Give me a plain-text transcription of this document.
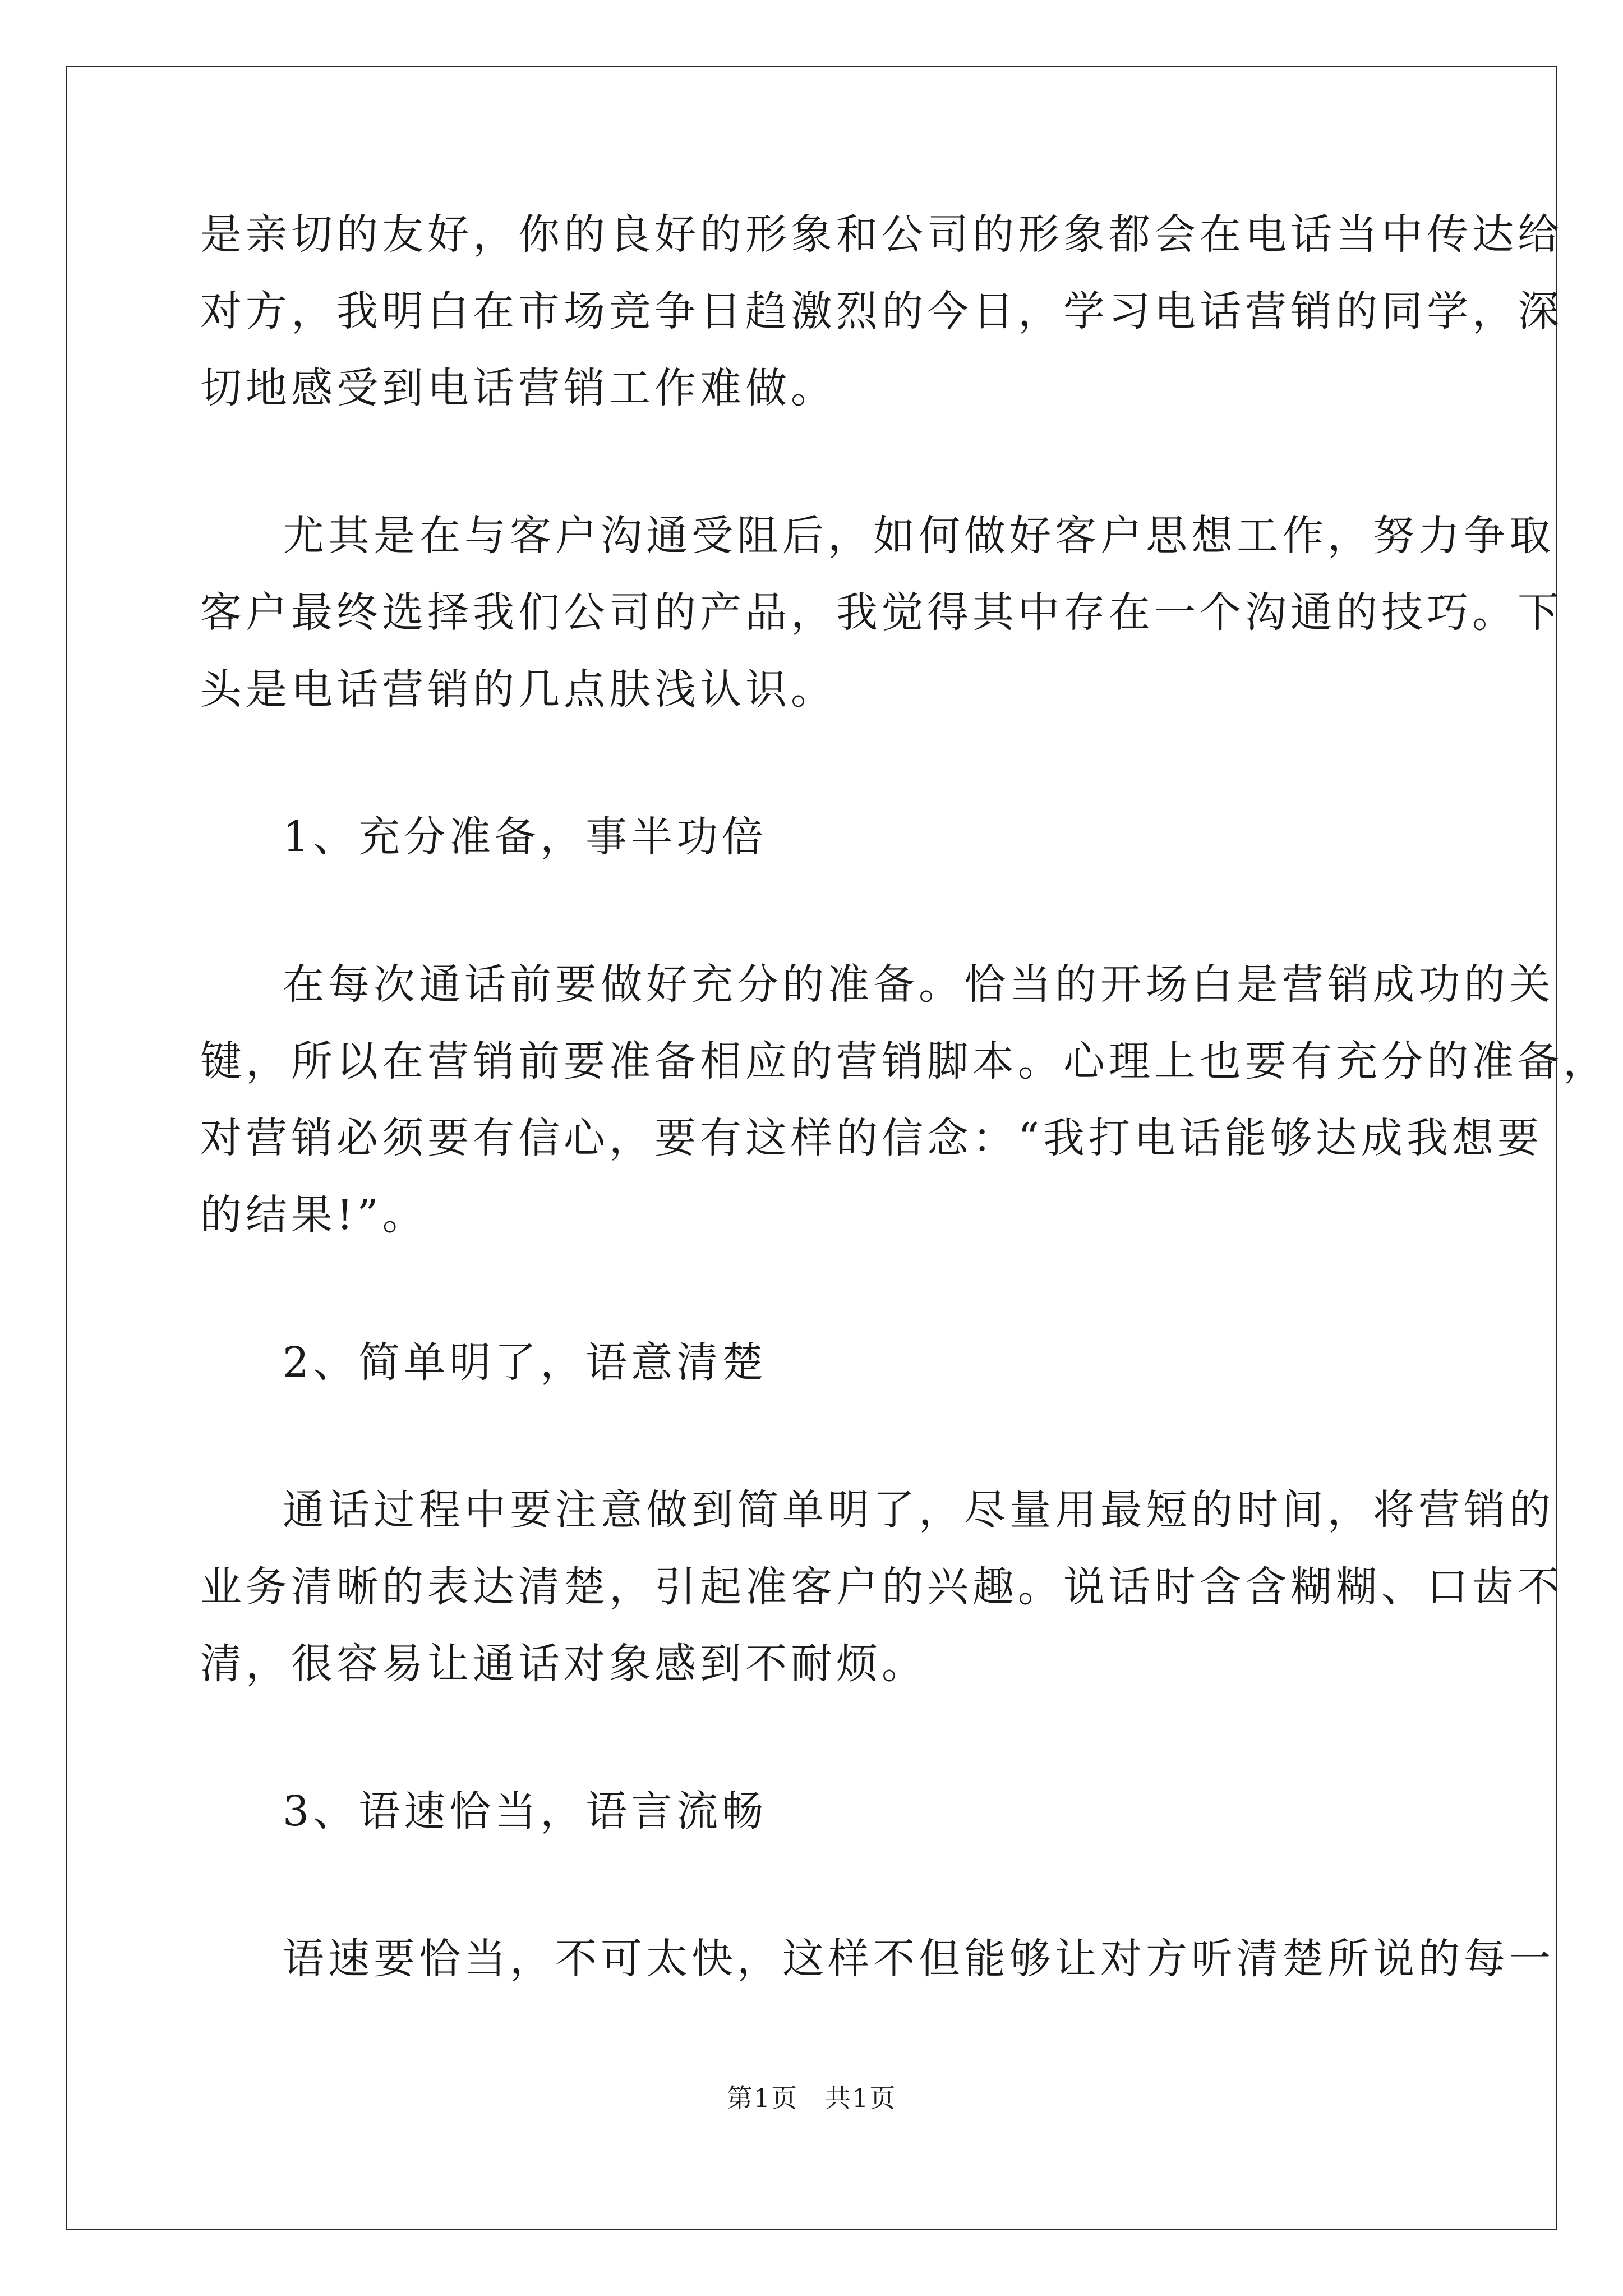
是亲切的友好，你的良好的形象和公司的形象都会在电话当中传达给
对方，我明白在市场竞争日趋激烈的今日，学习电话营销的同学，深
切地感受到电话营销工作难做。
尤其是在与客户沟通受阻后，如何做好客户思想工作，努力争取
客户最终选择我们公司的产品，我觉得其中存在一个沟通的技巧。下
头是电话营销的几点肤浅认识。
1、充分准备，事半功倍
在每次通话前要做好充分的准备。恰当的开场白是营销成功的关
键，所以在营销前要准备相应的营销脚本。心理上也要有充分的准备，
对营销必须要有信心，要有这样的信念：“我打电话能够达成我想要
的结果!”。
2、简单明了，语意清楚
通话过程中要注意做到简单明了，尽量用最短的时间，将营销的
业务清晰的表达清楚，引起准客户的兴趣。说话时含含糊糊、口齿不
清，很容易让通话对象感到不耐烦。
3、语速恰当，语言流畅
语速要恰当，不可太快，这样不但能够让对方听清楚所说的每一
第1页　共1页
